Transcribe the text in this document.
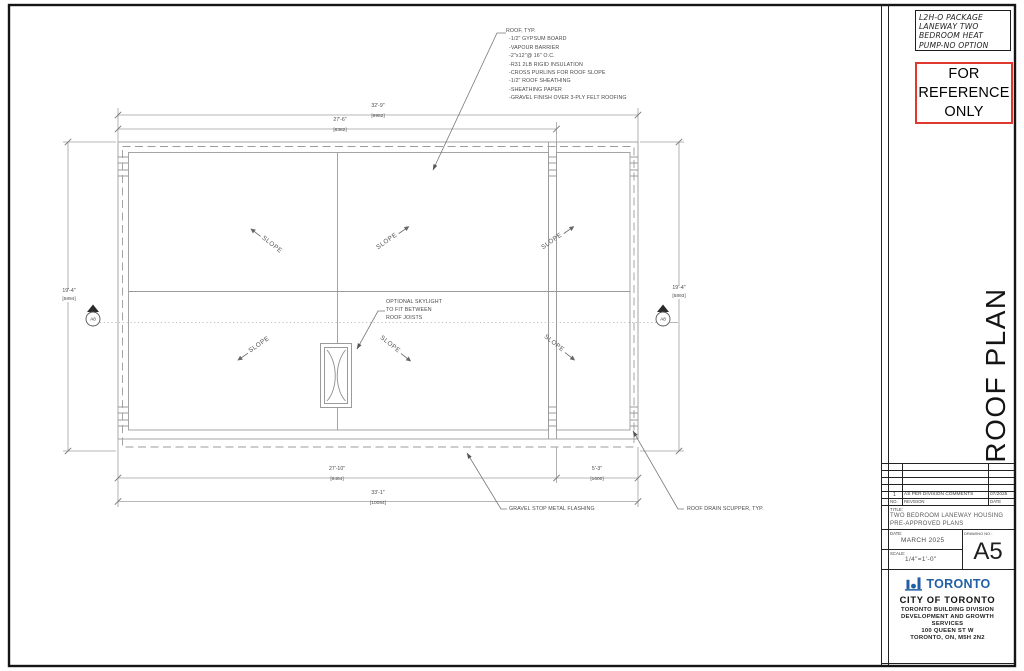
ROOF, TYP.
-1/2" GYPSUM BOARD
-VAPOUR BARRIER
-2"x12"@ 16" O.C.
-R31 2LB RIGID INSULATION
-CROSS PURLINS FOR ROOF SLOPE
-1/2" ROOF SHEATHING
-SHEATHING PAPER
-GRAVEL FINISH OVER 3-PLY FELT ROOFING
OPTIONAL SKYLIGHT
TO FIT BETWEEN
ROOF JOISTS
GRAVEL STOP METAL FLASHING	ROOF DRAIN SCUPPER, TYP.
32'-9"
[9982]
27'-6"
[8382]
27'-10"
[8484]
5'-3"
[1600]
33'-1"
[10084]
19'-4"
[5894]
19'-4"
[5893]
A8	A8
SLOPE	SLOPE	SLOPE
SLOPE	SLOPE	SLOPE
L2H-O PACKAGE
LANEWAY TWO
BEDROOM HEAT
PUMP-NO OPTION
FOR
REFERENCE
ONLY
ROOF PLAN
1 AS PER DIVISION COMMENTS	07/2025
NO. REVISION	DATE
TITLE:
TWO BEDROOM LANEWAY HOUSING
PRE-APPROVED PLANS
DATE:
MARCH 2025
SCALE:
1/4"=1'-0"
DRAWING NO.:
A5
TORONTO
CITY OF TORONTO
TORONTO BUILDING DIVISION
DEVELOPMENT AND GROWTH
SERVICES
100 QUEEN ST W
TORONTO, ON, M5H 2N2
